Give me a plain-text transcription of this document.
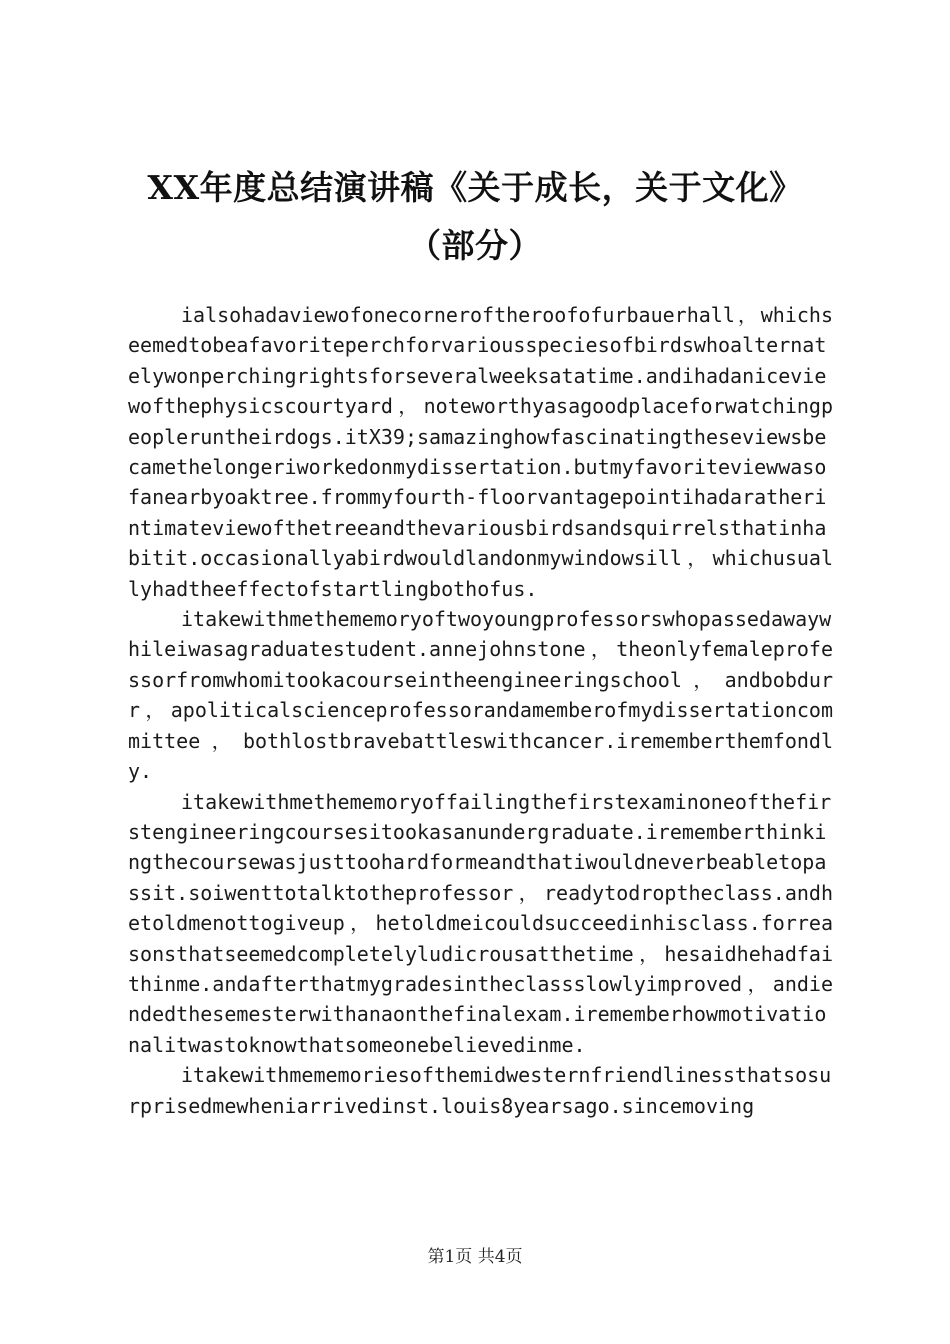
XX年度总结演讲稿《关于成长，关于文化》
（部分）

ialsohadaviewofonecorneroftheroofofurbauerhall，whichseemedtobeafavoriteperchforvariousspeciesofbirdswhoalternatelywonperchingrightsforseveralweeksatatime.andihadaniceviewofthephysicscourtyard，noteworthyasagoodplaceforwatchingpeopleruntheirdogs.itX39;samazinghowfascinatingtheseviewsbecamethelongeriworkedonmydissertation.butmyfavoriteviewwasofanearbyoaktree.frommyfourth-floorvantagepointihadaratherintimateviewofthetreeandthevariousbirdsandsquirrelsthatinhabitit.occasionallyabirdwouldlandonmywindowsill，whichusuallyhadtheeffectofstartlingbothofus.

itakewithmethememoryoftwoyoungprofessorswhopassedawaywhileiwasagraduatestudent.annejohnstone，theonlyfemaleprofessorfromwhomitookacourseintheengineeringschool，andbobdurr，apoliticalscienceprofessorandamemberofmydissertationcommittee，bothlostbravebattleswithcancer.irememberthemfondly.

itakewithmethememoryoffailingthefirstexaminoneofthefirstengineeringcoursesitookasanundergraduate.irememberthinkingthecoursewasjusttoohardformeandthatiwouldneverbeabletopassit.soiwenttotalktotheprofessor，readytodroptheclass.andhetoldmenottogiveup，hetoldmeicouldsucceedinhisclass.forreasonsthatseemedcompletelyludicrousatthetime，hesaidhehadfaithinme.andafterthatmygradesintheclassslowlyimproved，andiendedthesemesterwithanaonthefinalexam.irememberhowmotivationalitwastoknowthatsomeonebelievedinme.

itakewithmememoriesofthemidwesternfriendlinessthatsosurprisedmewheniarrivedinst.louis8yearsago.sincemoving

第1页 共4页
